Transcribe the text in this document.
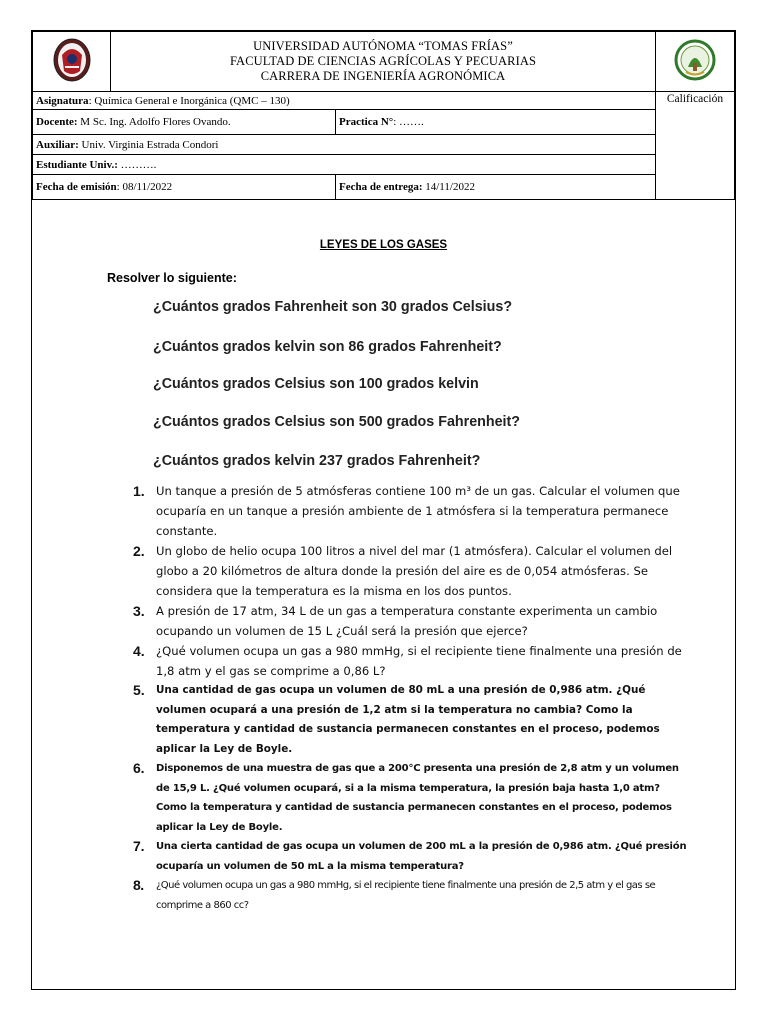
UNIVERSIDAD AUTÓNOMA “TOMAS FRÍAS”
FACULTAD DE CIENCIAS AGRÍCOLAS Y PECUARIAS
CARRERA DE INGENIERÍA AGRONÓMICA

Asignatura: Química General e Inorgánica (QMC – 130)			Calificación
Docente: M Sc. Ing. Adolfo Flores Ovando.		Practica N°: …….	
Auxiliar: Univ. Virginia Estrada Condori			
Estudiante Univ.: ……….			
Fecha de emisión: 08/11/2022		Fecha de entrega: 14/11/2022	
LEYES DE LOS GASES
Resolver lo siguiente:
¿Cuántos grados Fahrenheit son 30 grados Celsius?
¿Cuántos grados kelvin son 86 grados Fahrenheit?
¿Cuántos grados Celsius son 100 grados kelvin
¿Cuántos grados Celsius son 500 grados Fahrenheit?
¿Cuántos grados kelvin 237 grados Fahrenheit?
1. Un tanque a presión de 5 atmósferas contiene 100 m³ de un gas. Calcular el volumen que ocuparía en un tanque a presión ambiente de 1 atmósfera si la temperatura permanece constante.
2. Un globo de helio ocupa 100 litros a nivel del mar (1 atmósfera). Calcular el volumen del globo a 20 kilómetros de altura donde la presión del aire es de 0,054 atmósferas. Se considera que la temperatura es la misma en los dos puntos.
3. A presión de 17 atm, 34 L de un gas a temperatura constante experimenta un cambio ocupando un volumen de 15 L ¿Cuál será la presión que ejerce?
4. ¿Qué volumen ocupa un gas a 980 mmHg, si el recipiente tiene finalmente una presión de 1,8 atm y el gas se comprime a 0,86 L?
5. Una cantidad de gas ocupa un volumen de 80 mL a una presión de 0,986 atm. ¿Qué volumen ocupará a una presión de 1,2 atm si la temperatura no cambia? Como la temperatura y cantidad de sustancia permanecen constantes en el proceso, podemos aplicar la Ley de Boyle.
6. Disponemos de una muestra de gas que a 200°C presenta una presión de 2,8 atm y un volumen de 15,9 L. ¿Qué volumen ocupará, si a la misma temperatura, la presión baja hasta 1,0 atm? Como la temperatura y cantidad de sustancia permanecen constantes en el proceso, podemos aplicar la Ley de Boyle.
7. Una cierta cantidad de gas ocupa un volumen de 200 mL a la presión de 0,986 atm. ¿Qué presión ocuparía un volumen de 50 mL a la misma temperatura?
8. ¿Qué volumen ocupa un gas a 980 mmHg, si el recipiente tiene finalmente una presión de 2,5 atm y el gas se comprime a 860 cc?
